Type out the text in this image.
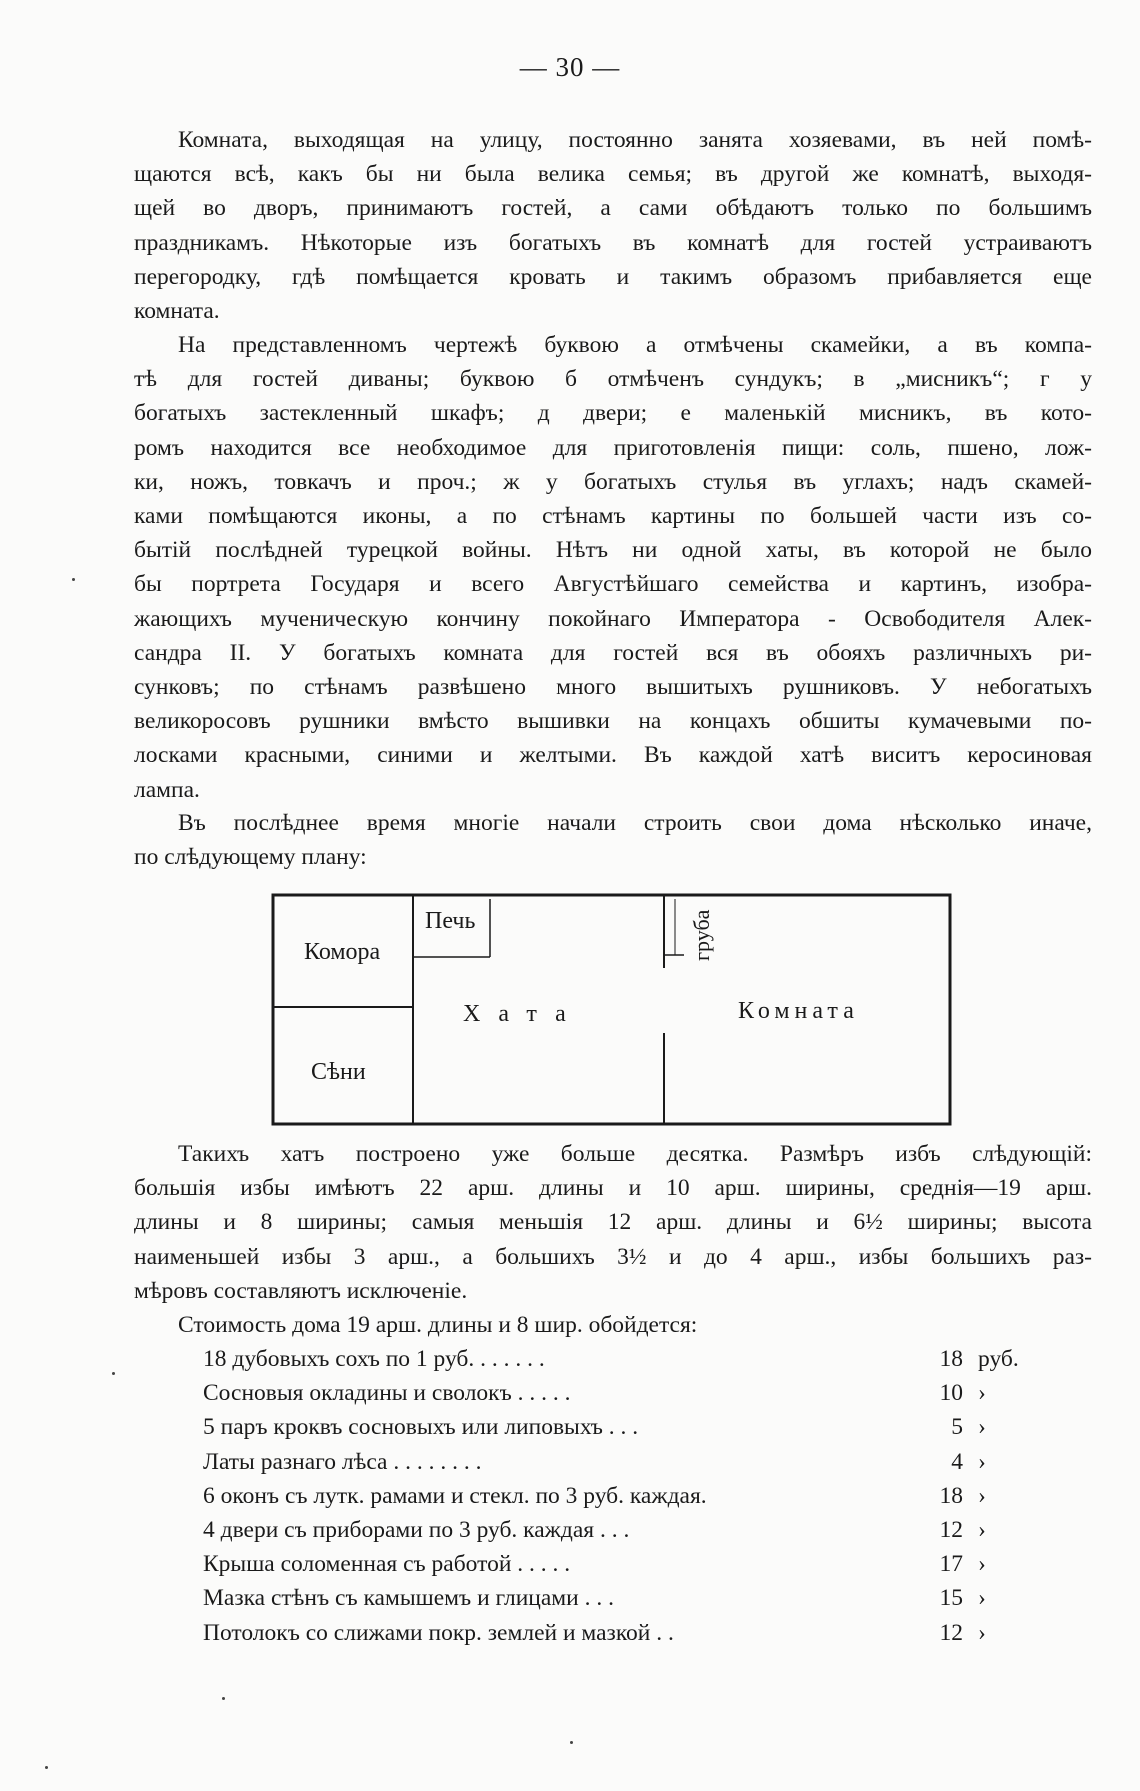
— 30 —
Комната, выходящая на улицу, постоянно занята хозяевами, въ ней помѣ-
щаются всѣ, какъ бы ни была велика семья; въ другой же комнатѣ, выходя-
щей во дворъ, принимаютъ гостей, а сами обѣдаютъ только по большимъ
праздникамъ. Нѣкоторые изъ богатыхъ въ комнатѣ для гостей устраиваютъ
перегородку, гдѣ помѣщается кровать и такимъ образомъ прибавляется еще
комната.
На представленномъ чертежѣ буквою а отмѣчены скамейки, а въ компа-
тѣ для гостей диваны; буквою б отмѣченъ сундукъ; в „мисникъ“; г у
богатыхъ застекленный шкафъ; д двери; е маленькій мисникъ, въ кото-
ромъ находится все необходимое для приготовленія пищи: соль, пшено, лож-
ки, ножъ, товкачъ и проч.; ж у богатыхъ стулья въ углахъ; надъ скамей-
ками помѣщаются иконы, а по стѣнамъ картины по большей части изъ со-
бытій послѣдней турецкой войны. Нѣтъ ни одной хаты, въ которой не было
бы портрета Государя и всего Августѣйшаго семейства и картинъ, изобра-
жающихъ мученическую кончину покойнаго Императора - Освободителя Алек-
сандра II. У богатыхъ комната для гостей вся въ обояхъ различныхъ ри-
сунковъ; по стѣнамъ развѣшено много вышитыхъ рушниковъ. У небогатыхъ
великоросовъ рушники вмѣсто вышивки на концахъ обшиты кумачевыми по-
лосками красными, синими и желтыми. Въ каждой хатѣ виситъ керосиновая
лампа.
Въ послѣднее время многіе начали строить свои дома нѣсколько иначе,
по слѣдующему плану:
Комора
Сѣни
Печь
Хата	Комната
груба
Такихъ хатъ построено уже больше десятка. Размѣръ избъ слѣдующій:
большія избы имѣютъ 22 арш. длины и 10 арш. ширины, среднія—19 арш.
длины и 8 ширины; самыя меньшія 12 арш. длины и 6½ ширины; высота
наименьшей избы 3 арш., а большихъ 3½ и до 4 арш., избы большихъ раз-
мѣровъ составляютъ исключеніе.
Стоимость дома 19 арш. длины и 8 шир. обойдется:
18 дубовыхъ сохъ по 1 руб. . . . . . .	18 руб.
Сосновыя окладины и сволокъ . . . . .	10 ›
5 паръ кроквъ сосновыхъ или липовыхъ . . .	5 ›
Латы разнаго лѣса . . . . . . . .	4 ›
6 оконъ съ лутк. рамами и стекл. по 3 руб. каждая.	18 ›
4 двери съ приборами по 3 руб. каждая . . .	12 ›
Крыша соломенная съ работой . . . . .	17 ›
Мазка стѣнъ съ камышемъ и глицами . . .	15 ›
Потолокъ со слижами покр. землей и мазкой . .	12 ›
